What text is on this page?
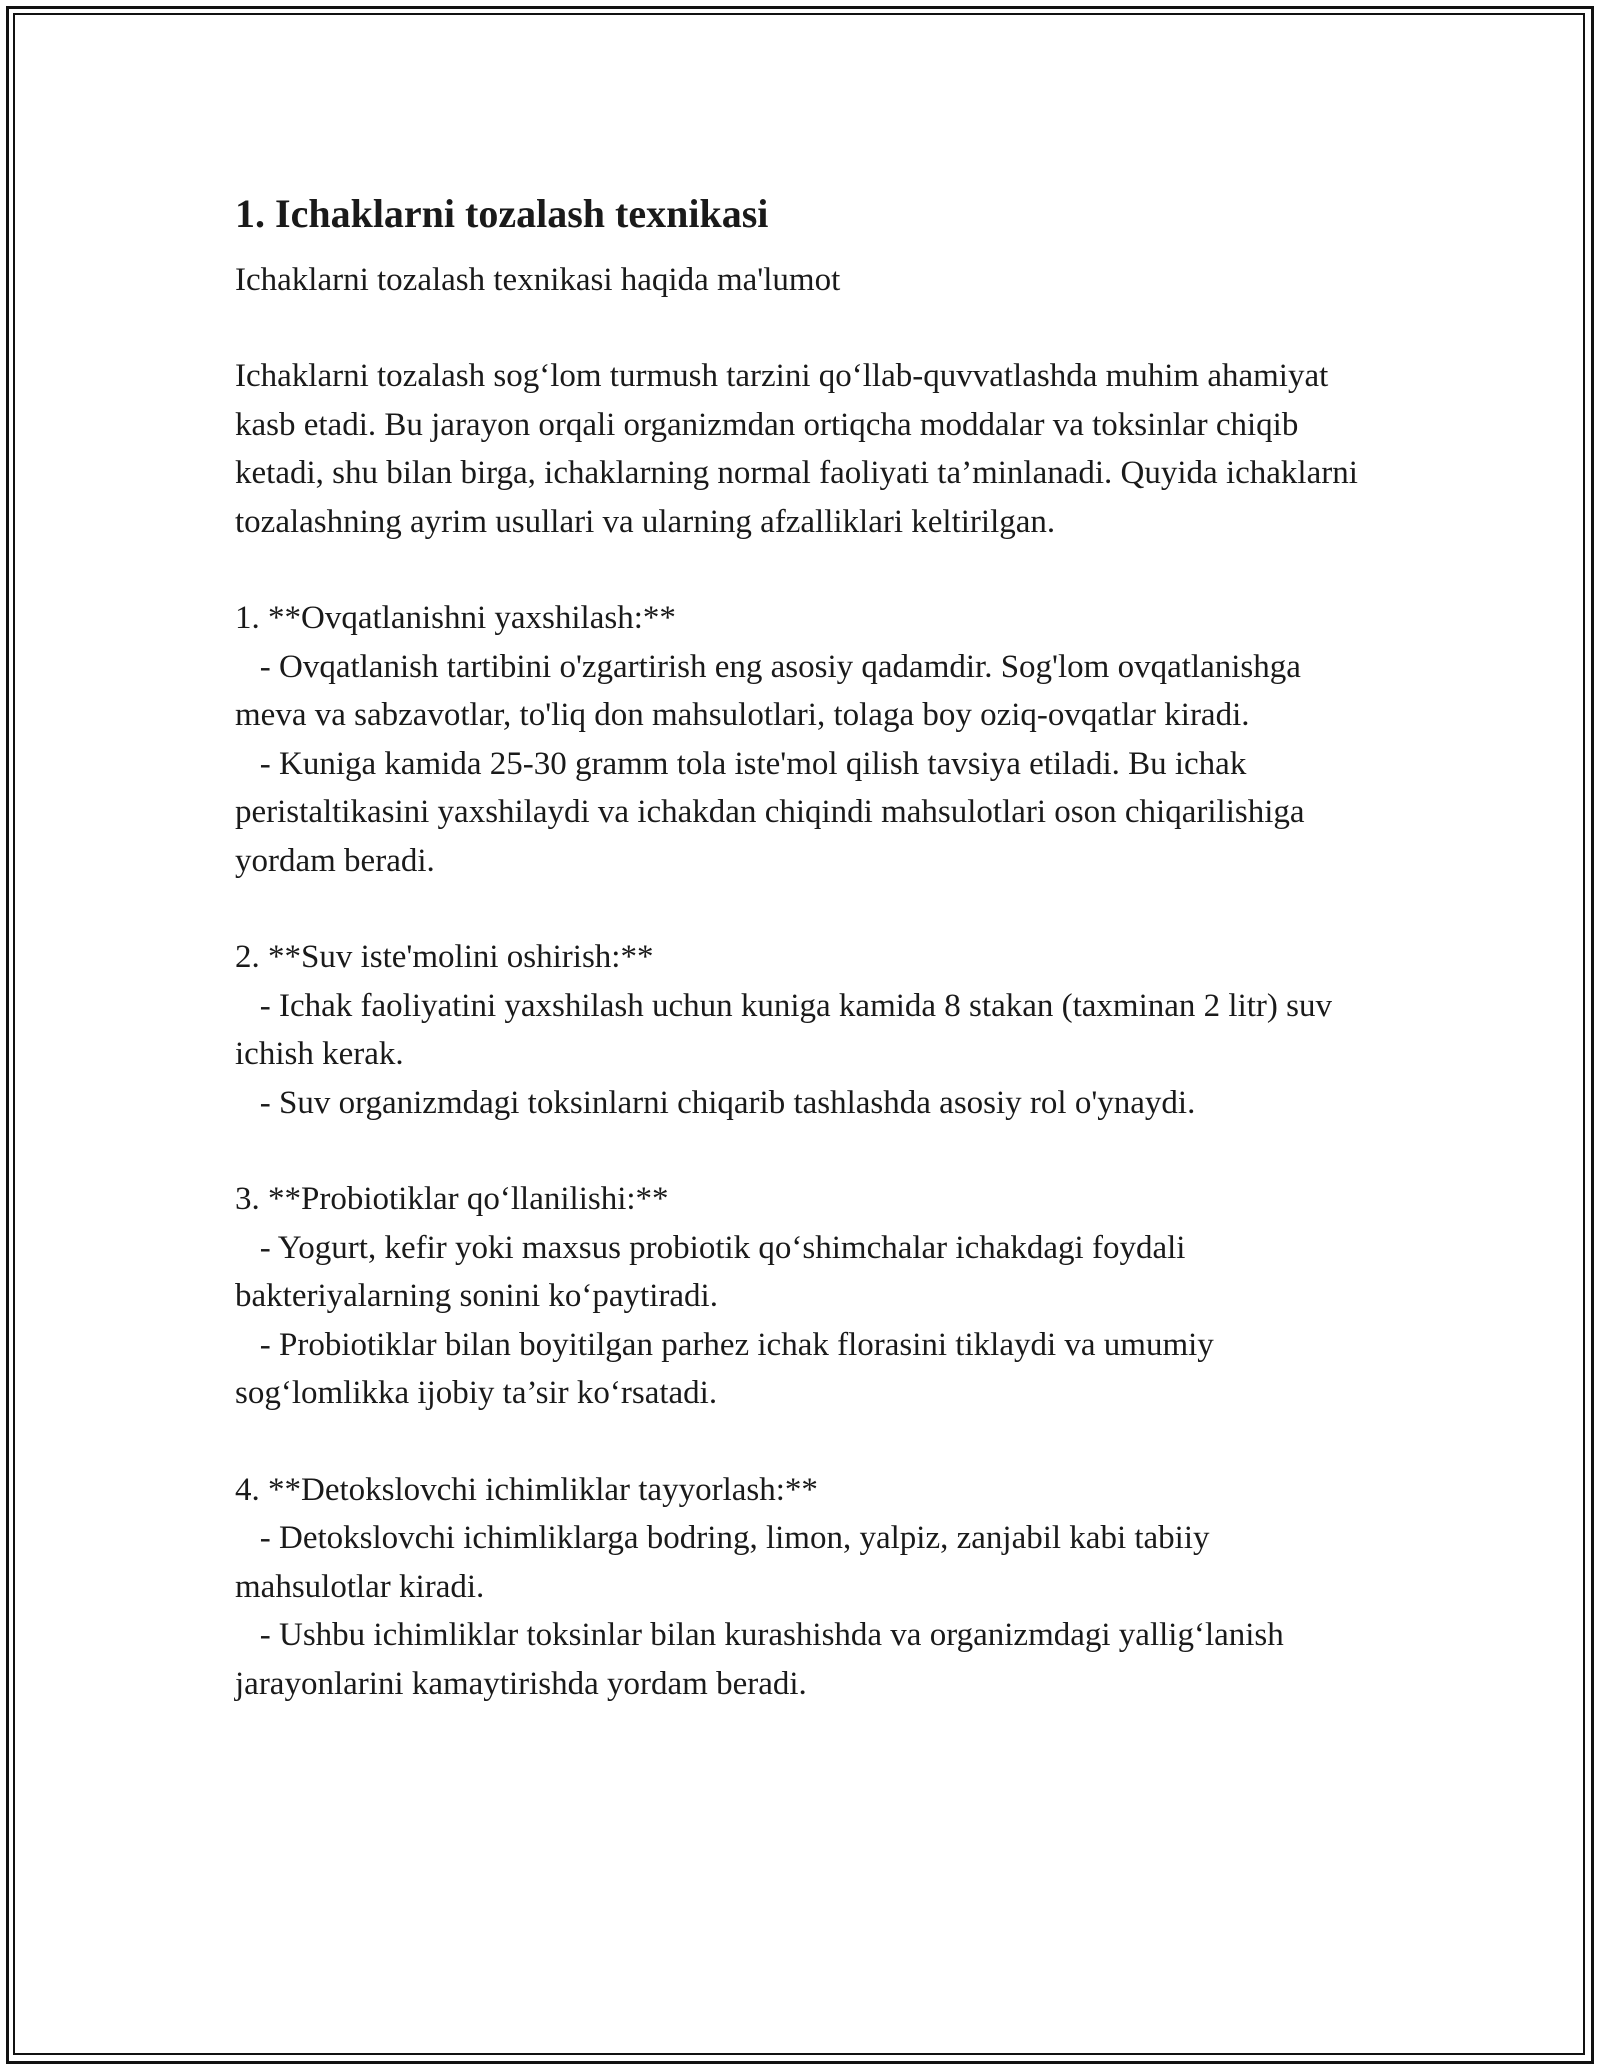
1. Ichaklarni tozalash texnikasi

Ichaklarni tozalash texnikasi haqida ma'lumot

Ichaklarni tozalash sog‘lom turmush tarzini qo‘llab-quvvatlashda muhim ahamiyat kasb etadi. Bu jarayon orqali organizmdan ortiqcha moddalar va toksinlar chiqib ketadi, shu bilan birga, ichaklarning normal faoliyati ta’minlanadi. Quyida ichaklarni tozalashning ayrim usullari va ularning afzalliklari keltirilgan.

1. **Ovqatlanishni yaxshilash:**

- Ovqatlanish tartibini o'zgartirish eng asosiy qadamdir. Sog'lom ovqatlanishga meva va sabzavotlar, to'liq don mahsulotlari, tolaga boy oziq-ovqatlar kiradi.

- Kuniga kamida 25-30 gramm tola iste'mol qilish tavsiya etiladi. Bu ichak peristaltikasini yaxshilaydi va ichakdan chiqindi mahsulotlari oson chiqarilishiga yordam beradi.

2. **Suv iste'molini oshirish:**

- Ichak faoliyatini yaxshilash uchun kuniga kamida 8 stakan (taxminan 2 litr) suv ichish kerak.

- Suv organizmdagi toksinlarni chiqarib tashlashda asosiy rol o'ynaydi.

3. **Probiotiklar qo‘llanilishi:**

- Yogurt, kefir yoki maxsus probiotik qo‘shimchalar ichakdagi foydali bakteriyalarning sonini ko‘paytiradi.

- Probiotiklar bilan boyitilgan parhez ichak florasini tiklaydi va umumiy sog‘lomlikka ijobiy ta’sir ko‘rsatadi.

4. **Detokslovchi ichimliklar tayyorlash:**

- Detokslovchi ichimliklarga bodring, limon, yalpiz, zanjabil kabi tabiiy mahsulotlar kiradi.

- Ushbu ichimliklar toksinlar bilan kurashishda va organizmdagi yallig‘lanish jarayonlarini kamaytirishda yordam beradi.
